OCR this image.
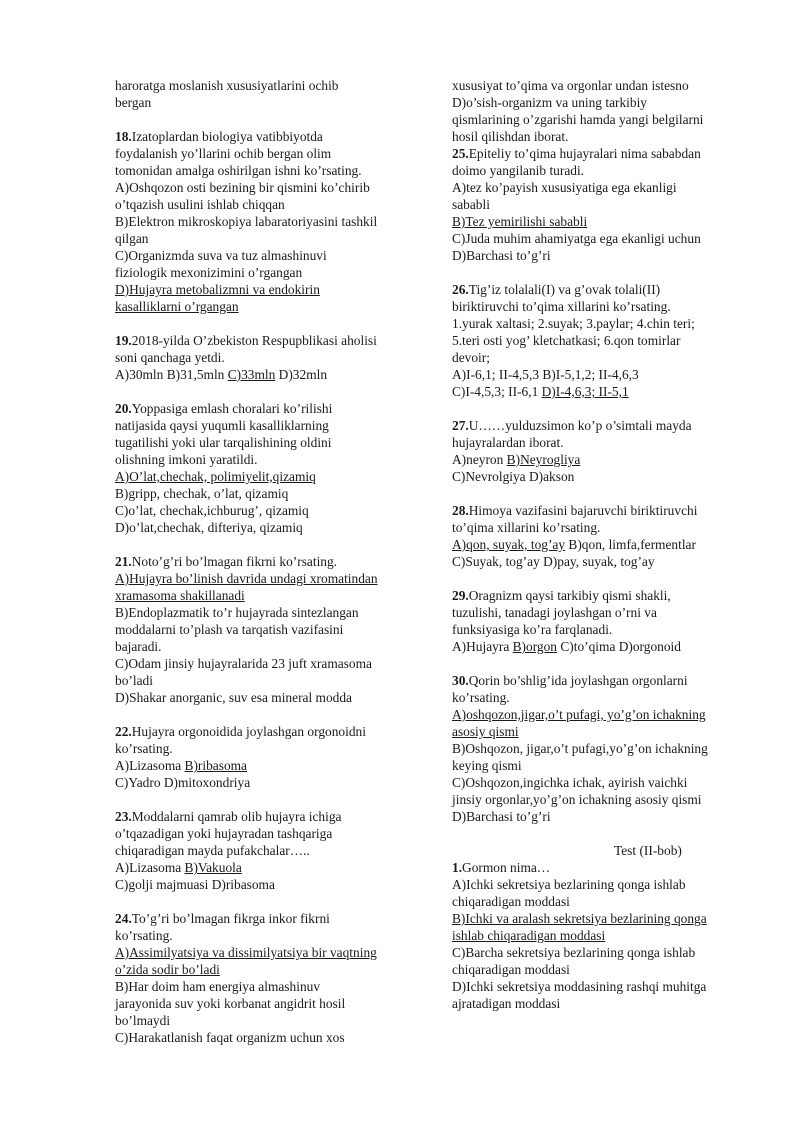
haroratga moslanish xususiyatlarini ochib
bergan
18.Izatoplardan biologiya vatibbiyotda
foydalanish yo’llarini ochib bergan olim
tomonidan amalga oshirilgan ishni ko’rsating.
A)Oshqozon osti bezining bir qismini ko’chirib
o’tqazish usulini ishlab chiqqan
B)Elektron mikroskopiya labaratoriyasini tashkil
qilgan
C)Organizmda suva va tuz almashinuvi
fiziologik mexonizimini o’rgangan
D)Hujayra metobalizmni va endokirin
kasalliklarni o’rgangan
19.2018-yilda O’zbekiston Respupblikasi aholisi
soni qanchaga yetdi.
A)30mln B)31,5mln C)33mln D)32mln
20.Yoppasiga emlash choralari ko’rilishi
natijasida qaysi yuqumli kasalliklarning
tugatilishi yoki ular tarqalishining oldini
olishning imkoni yaratildi.
A)O’lat,chechak, polimiyelit,qizamiq
B)gripp, chechak, o’lat, qizamiq
C)o’lat, chechak,ichburug’, qizamiq
D)o’lat,chechak, difteriya, qizamiq
21.Noto’g’ri bo’lmagan fikrni ko’rsating.
A)Hujayra bo’linish davrida undagi xromatindan
xramasoma shakillanadi
B)Endoplazmatik to’r hujayrada sintezlangan
moddalarni to’plash va tarqatish vazifasini
bajaradi.
C)Odam jinsiy hujayralarida 23 juft xramasoma
bo’ladi
D)Shakar anorganic, suv esa mineral modda
22.Hujayra orgonoidida joylashgan orgonoidni
ko’rsating.
A)Lizasoma B)ribasoma
C)Yadro D)mitoxondriya
23.Moddalarni qamrab olib hujayra ichiga
o’tqazadigan yoki hujayradan tashqariga
chiqaradigan mayda pufakchalar…..
A)Lizasoma B)Vakuola
C)golji majmuasi D)ribasoma
24.To’g’ri bo’lmagan fikrga inkor fikrni
ko’rsating.
A)Assimilyatsiya va dissimilyatsiya bir vaqtning
o’zida sodir bo’ladi
B)Har doim ham energiya almashinuv
jarayonida suv yoki korbanat angidrit hosil
bo’lmaydi
C)Harakatlanish faqat organizm uchun xos
xususiyat to’qima va orgonlar undan istesno
D)o’sish-organizm va uning tarkibiy
qismlarining o’zgarishi hamda yangi belgilarni
hosil qilishdan iborat.
25.Epiteliy to’qima hujayralari nima sababdan
doimo yangilanib turadi.
A)tez ko’payish xususiyatiga ega ekanligi
sababli
B)Tez yemirilishi sababli
C)Juda muhim ahamiyatga ega ekanligi uchun
D)Barchasi to’g’ri
26.Tig’iz tolalali(I) va g’ovak tolali(II)
biriktiruvchi to’qima xillarini ko’rsating.
1.yurak xaltasi; 2.suyak; 3.paylar; 4.chin teri;
5.teri osti yog’ kletchatkasi; 6.qon tomirlar
devoir;
A)I-6,1; II-4,5,3 B)I-5,1,2; II-4,6,3
C)I-4,5,3; II-6,1 D)I-4,6,3; II-5,1
27.U……yulduzsimon ko’p o’simtali mayda
hujayralardan iborat.
A)neyron B)Neyrogliya
C)Nevrolgiya D)akson
28.Himoya vazifasini bajaruvchi biriktiruvchi
to’qima xillarini ko’rsating.
A)qon, suyak, tog’ay B)qon, limfa,fermentlar
C)Suyak, tog’ay D)pay, suyak, tog’ay
29.Oragnizm qaysi tarkibiy qismi shakli,
tuzulishi, tanadagi joylashgan o’rni va
funksiyasiga ko’ra farqlanadi.
A)Hujayra B)orgon C)to’qima D)orgonoid
30.Qorin bo’shlig’ida joylashgan orgonlarni
ko’rsating.
A)oshqozon,jigar,o’t pufagi, yo’g’on ichakning
asosiy qismi
B)Oshqozon, jigar,o’t pufagi,yo’g’on ichakning
keying qismi
C)Oshqozon,ingichka ichak, ayirish vaichki
jinsiy orgonlar,yo’g’on ichakning asosiy qismi
D)Barchasi to’g’ri
Test (II-bob)
1.Gormon nima…
A)Ichki sekretsiya bezlarining qonga ishlab
chiqaradigan moddasi
B)Ichki va aralash sekretsiya bezlarining qonga
ishlab chiqaradigan moddasi
C)Barcha sekretsiya bezlarining qonga ishlab
chiqaradigan moddasi
D)Ichki sekretsiya moddasining rashqi muhitga
ajratadigan moddasi
